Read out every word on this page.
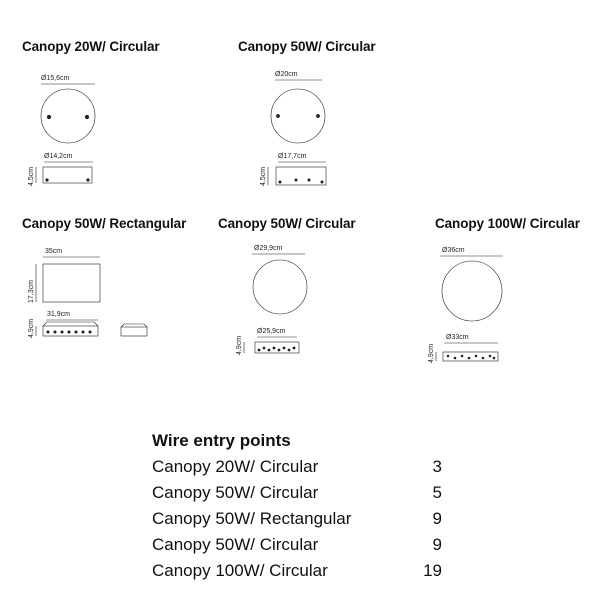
Canopy 20W/ Circular	Canopy 50W/ Circular
Canopy 50W/ Rectangular Canopy 50W/ Circular	Canopy 100W/ Circular
Ø15,6cm
Ø14,2cm
4,5cm
Ø20cm
Ø17,7cm
4,5cm
35cm
17,3cm
31,9cm
4,9cm
Ø29,9cm
Ø25,9cm
4,9cm
Ø36cm
Ø33cm
4,9cm
Wire entry points
Canopy 20W/ Circular	3
Canopy 50W/ Circular	5
Canopy 50W/ Rectangular	9
Canopy 50W/ Circular	9
Canopy 100W/ Circular	19
